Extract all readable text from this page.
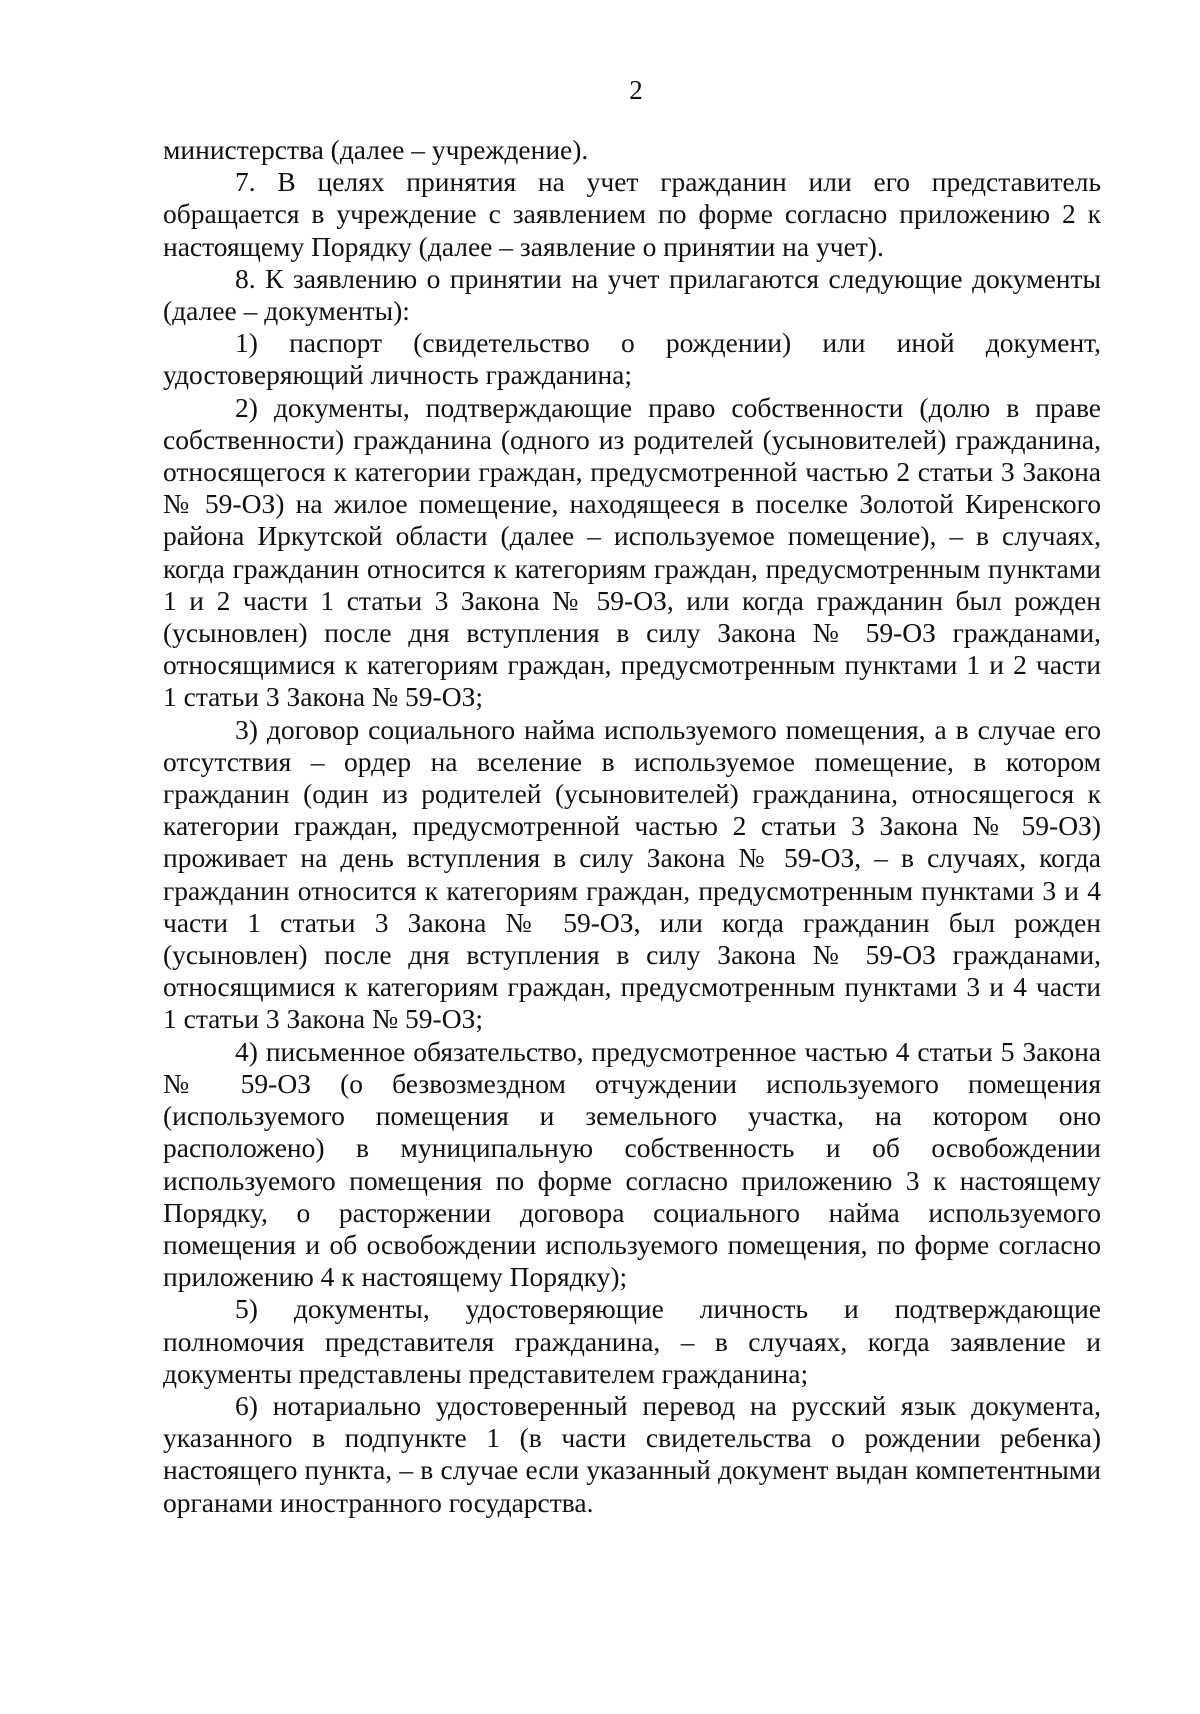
2

министерства (далее – учреждение).

7. В целях принятия на учет гражданин или его представитель обращается в учреждение с заявлением по форме согласно приложению 2 к настоящему Порядку (далее – заявление о принятии на учет).

8. К заявлению о принятии на учет прилагаются следующие документы (далее – документы):

1) паспорт (свидетельство о рождении) или иной документ, удостоверяющий личность гражданина;

2) документы, подтверждающие право собственности (долю в праве собственности) гражданина (одного из родителей (усыновителей) гражданина, относящегося к категории граждан, предусмотренной частью 2 статьи 3 Закона № 59-ОЗ) на жилое помещение, находящееся в поселке Золотой Киренского района Иркутской области (далее – используемое помещение), – в случаях, когда гражданин относится к категориям граждан, предусмотренным пунктами 1 и 2 части 1 статьи 3 Закона № 59-ОЗ, или когда гражданин был рожден (усыновлен) после дня вступления в силу Закона № 59-ОЗ гражданами, относящимися к категориям граждан, предусмотренным пунктами 1 и 2 части 1 статьи 3 Закона № 59-ОЗ;

3) договор социального найма используемого помещения, а в случае его отсутствия – ордер на вселение в используемое помещение, в котором гражданин (один из родителей (усыновителей) гражданина, относящегося к категории граждан, предусмотренной частью 2 статьи 3 Закона № 59-ОЗ) проживает на день вступления в силу Закона № 59-ОЗ, – в случаях, когда гражданин относится к категориям граждан, предусмотренным пунктами 3 и 4 части 1 статьи 3 Закона № 59-ОЗ, или когда гражданин был рожден (усыновлен) после дня вступления в силу Закона № 59-ОЗ гражданами, относящимися к категориям граждан, предусмотренным пунктами 3 и 4 части 1 статьи 3 Закона № 59-ОЗ;

4) письменное обязательство, предусмотренное частью 4 статьи 5 Закона № 59-ОЗ (о безвозмездном отчуждении используемого помещения (используемого помещения и земельного участка, на котором оно расположено) в муниципальную собственность и об освобождении используемого помещения по форме согласно приложению 3 к настоящему Порядку, о расторжении договора социального найма используемого помещения и об освобождении используемого помещения, по форме согласно приложению 4 к настоящему Порядку);

5) документы, удостоверяющие личность и подтверждающие полномочия представителя гражданина, – в случаях, когда заявление и документы представлены представителем гражданина;

6) нотариально удостоверенный перевод на русский язык документа, указанного в подпункте 1 (в части свидетельства о рождении ребенка) настоящего пункта, – в случае если указанный документ выдан компетентными органами иностранного государства.
